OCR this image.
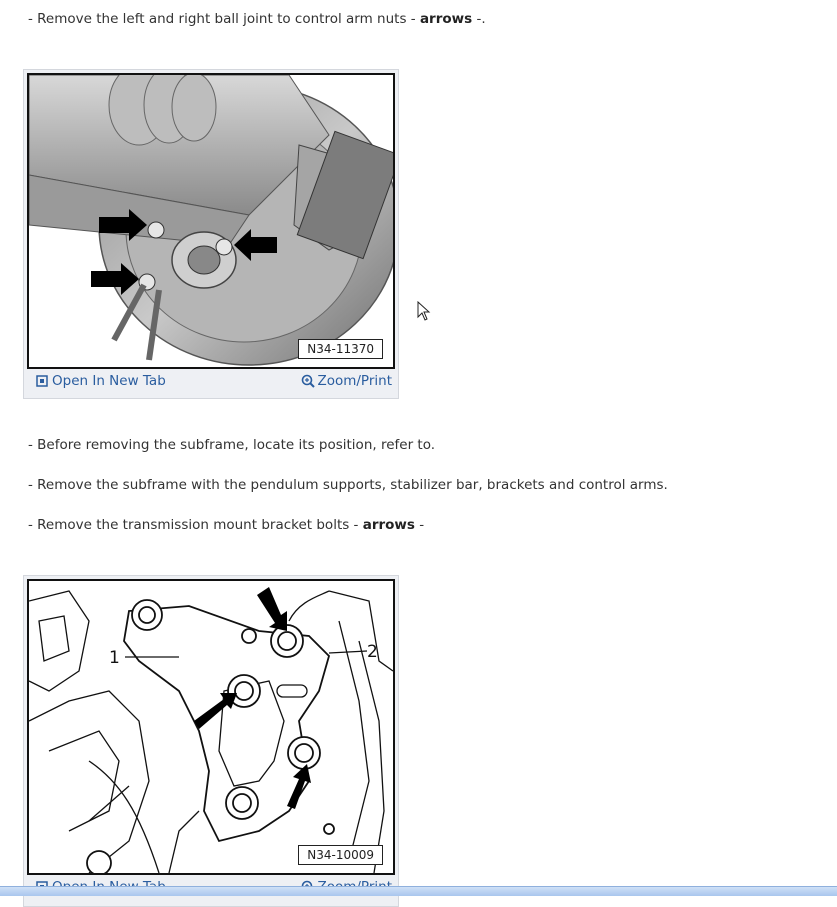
- Remove the left and right ball joint to control arm nuts - arrows -.
N34-11370
Open In New Tab	Zoom/Print
- Before removing the subframe, locate its position, refer to.
- Remove the subframe with the pendulum supports, stabilizer bar, brackets and control arms.
- Remove the transmission mount bracket bolts - arrows -
1	2
N34-10009
